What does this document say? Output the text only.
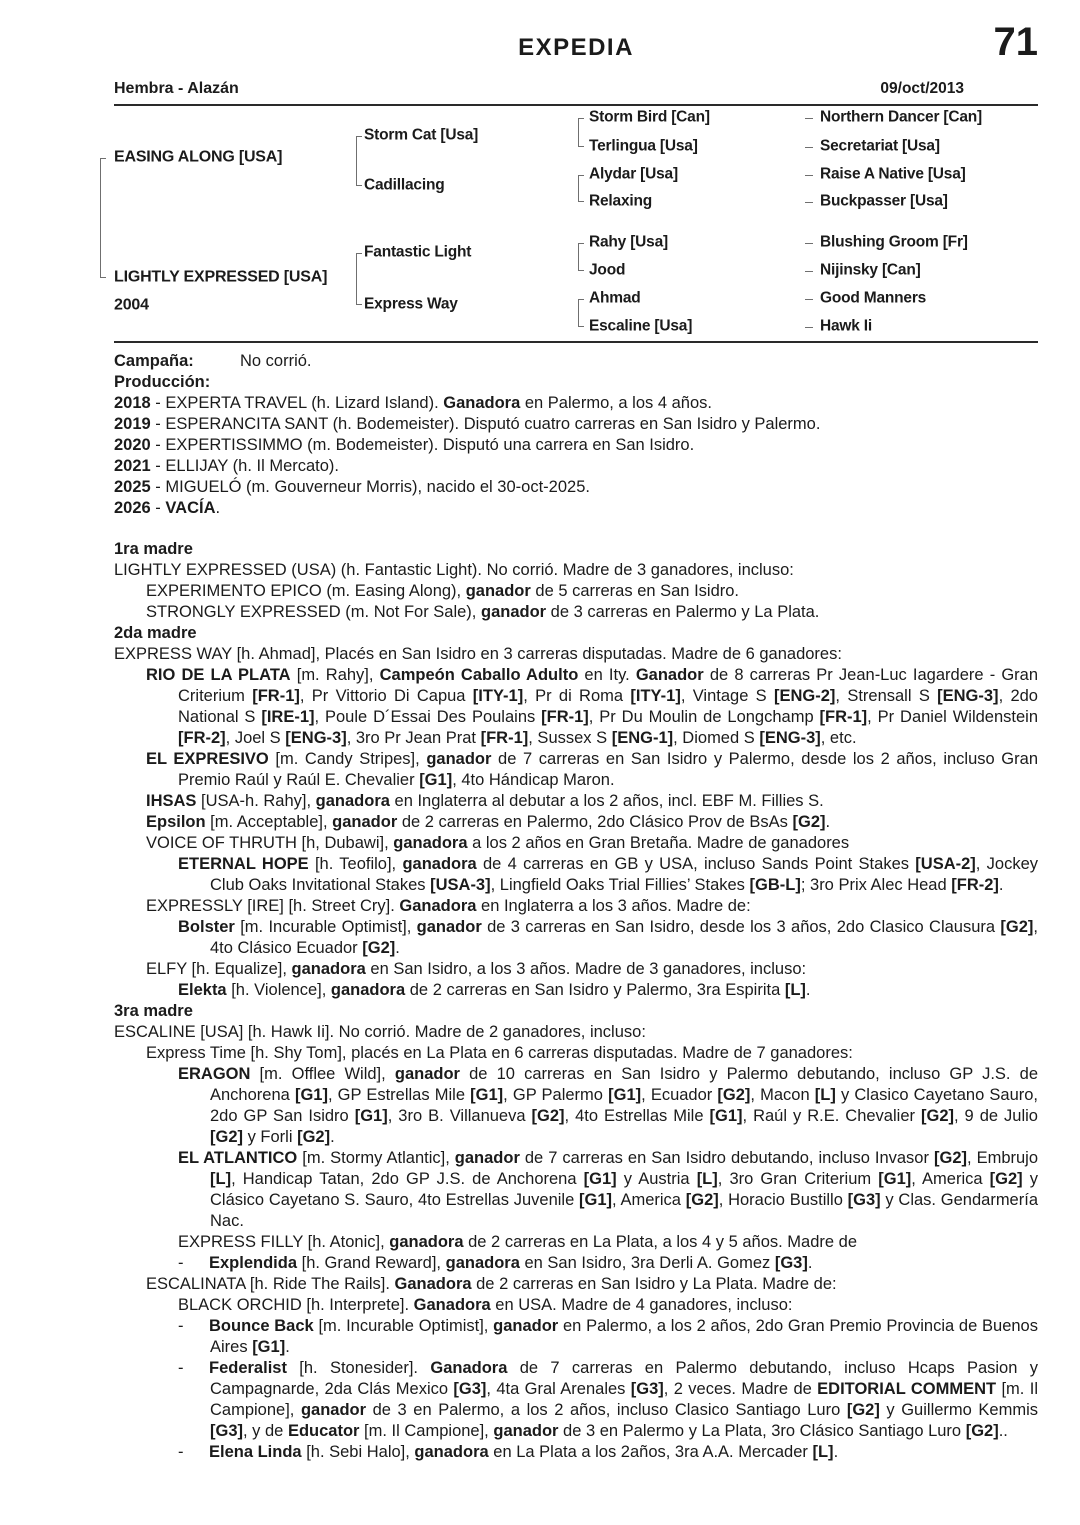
EXPEDIA	71
Hembra - Alazán	09/oct/2013
EASING ALONG [USA]
LIGHTLY EXPRESSED [USA]
2004
Storm Cat [Usa]
Cadillacing
Fantastic Light
Express Way
Storm Bird [Can]
Terlingua [Usa]
Alydar [Usa]
Relaxing
Rahy [Usa]
Jood
Ahmad
Escaline [Usa]
Northern Dancer [Can]
Secretariat [Usa]
Raise A Native [Usa]
Buckpasser [Usa]
Blushing Groom [Fr]
Nijinsky [Can]
Good Manners
Hawk Ii
Campaña:	No corrió.
Producción:
2018 - EXPERTA TRAVEL (h. Lizard Island). Ganadora en Palermo, a los 4 años.
2019 - ESPERANCITA SANT (h. Bodemeister). Disputó cuatro carreras en San Isidro y Palermo.
2020 - EXPERTISSIMMO (m. Bodemeister). Disputó una carrera en San Isidro.
2021 - ELLIJAY (h. Il Mercato).
2025 - MIGUELÓ (m. Gouverneur Morris), nacido el 30-oct-2025.
2026 - VACÍA.
1ra madre
LIGHTLY EXPRESSED (USA) (h. Fantastic Light). No corrió. Madre de 3 ganadores, incluso:
EXPERIMENTO EPICO (m. Easing Along), ganador de 5 carreras en San Isidro.
STRONGLY EXPRESSED (m. Not For Sale), ganador de 3 carreras en Palermo y La Plata.
2da madre
EXPRESS WAY [h. Ahmad], Placés en San Isidro en 3 carreras disputadas. Madre de 6 ganadores:
RIO DE LA PLATA [m. Rahy], Campeón Caballo Adulto en Ity. Ganador de 8 carreras Pr Jean-Luc Iagardere - Gran Criterium [FR-1], Pr Vittorio Di Capua [ITY-1], Pr di Roma [ITY-1], Vintage S [ENG-2], Strensall S [ENG-3], 2do National S [IRE-1], Poule D´Essai Des Poulains [FR-1], Pr Du Moulin de Longchamp [FR-1], Pr Daniel Wildenstein [FR-2], Joel S [ENG-3], 3ro Pr Jean Prat [FR-1], Sussex S [ENG-1], Diomed S [ENG-3], etc.
EL EXPRESIVO [m. Candy Stripes], ganador de 7 carreras en San Isidro y Palermo, desde los 2 años, incluso Gran Premio Raúl y Raúl E. Chevalier [G1], 4to Hándicap Maron.
IHSAS [USA-h. Rahy], ganadora en Inglaterra al debutar a los 2 años, incl. EBF M. Fillies S.
Epsilon [m. Acceptable], ganador de 2 carreras en Palermo, 2do Clásico Prov de BsAs [G2].
VOICE OF THRUTH [h, Dubawi], ganadora a los 2 años en Gran Bretaña. Madre de ganadores
ETERNAL HOPE [h. Teofilo], ganadora de 4 carreras en GB y USA, incluso Sands Point Stakes [USA-2], Jockey Club Oaks Invitational Stakes [USA-3], Lingfield Oaks Trial Fillies’ Stakes [GB-L]; 3ro Prix Alec Head [FR-2].
EXPRESSLY [IRE] [h. Street Cry]. Ganadora en Inglaterra a los 3 años. Madre de:
Bolster [m. Incurable Optimist], ganador de 3 carreras en San Isidro, desde los 3 años, 2do Clasico Clausura [G2], 4to Clásico Ecuador [G2].
ELFY [h. Equalize], ganadora en San Isidro, a los 3 años. Madre de 3 ganadores, incluso:
Elekta [h. Violence], ganadora de 2 carreras en San Isidro y Palermo, 3ra Espirita [L].
3ra madre
ESCALINE [USA] [h. Hawk Ii]. No corrió. Madre de 2 ganadores, incluso:
Express Time [h. Shy Tom], placés en La Plata en 6 carreras disputadas. Madre de 7 ganadores:
ERAGON [m. Offlee Wild], ganador de 10 carreras en San Isidro y Palermo debutando, incluso GP J.S. de Anchorena [G1], GP Estrellas Mile [G1], GP Palermo [G1], Ecuador [G2], Macon [L] y Clasico Cayetano Sauro, 2do GP San Isidro [G1], 3ro B. Villanueva [G2], 4to Estrellas Mile [G1], Raúl y R.E. Chevalier [G2], 9 de Julio [G2] y Forli [G2].
EL ATLANTICO [m. Stormy Atlantic], ganador de 7 carreras en San Isidro debutando, incluso Invasor [G2], Embrujo [L], Handicap Tatan, 2do GP J.S. de Anchorena [G1] y Austria [L], 3ro Gran Criterium [G1], America [G2] y Clásico Cayetano S. Sauro, 4to Estrellas Juvenile [G1], America [G2], Horacio Bustillo [G3] y Clas. Gendarmería Nac.
EXPRESS FILLY [h. Atonic], ganadora de 2 carreras en La Plata, a los 4 y 5 años. Madre de
- Explendida [h. Grand Reward], ganadora en San Isidro, 3ra Derli A. Gomez [G3].
ESCALINATA [h. Ride The Rails]. Ganadora de 2 carreras en San Isidro y La Plata. Madre de:
BLACK ORCHID [h. Interprete]. Ganadora en USA. Madre de 4 ganadores, incluso:
- Bounce Back [m. Incurable Optimist], ganador en Palermo, a los 2 años, 2do Gran Premio Provincia de Buenos Aires [G1].
- Federalist [h. Stonesider]. Ganadora de 7 carreras en Palermo debutando, incluso Hcaps Pasion y Campagnarde, 2da Clás Mexico [G3], 4ta Gral Arenales [G3], 2 veces. Madre de EDITORIAL COMMENT [m. Il Campione], ganador de 3 en Palermo, a los 2 años, incluso Clasico Santiago Luro [G2] y Guillermo Kemmis [G3], y de Educator [m. Il Campione], ganador de 3 en Palermo y La Plata, 3ro Clásico Santiago Luro [G2]..
- Elena Linda [h. Sebi Halo], ganadora en La Plata a los 2años, 3ra A.A. Mercader [L].
